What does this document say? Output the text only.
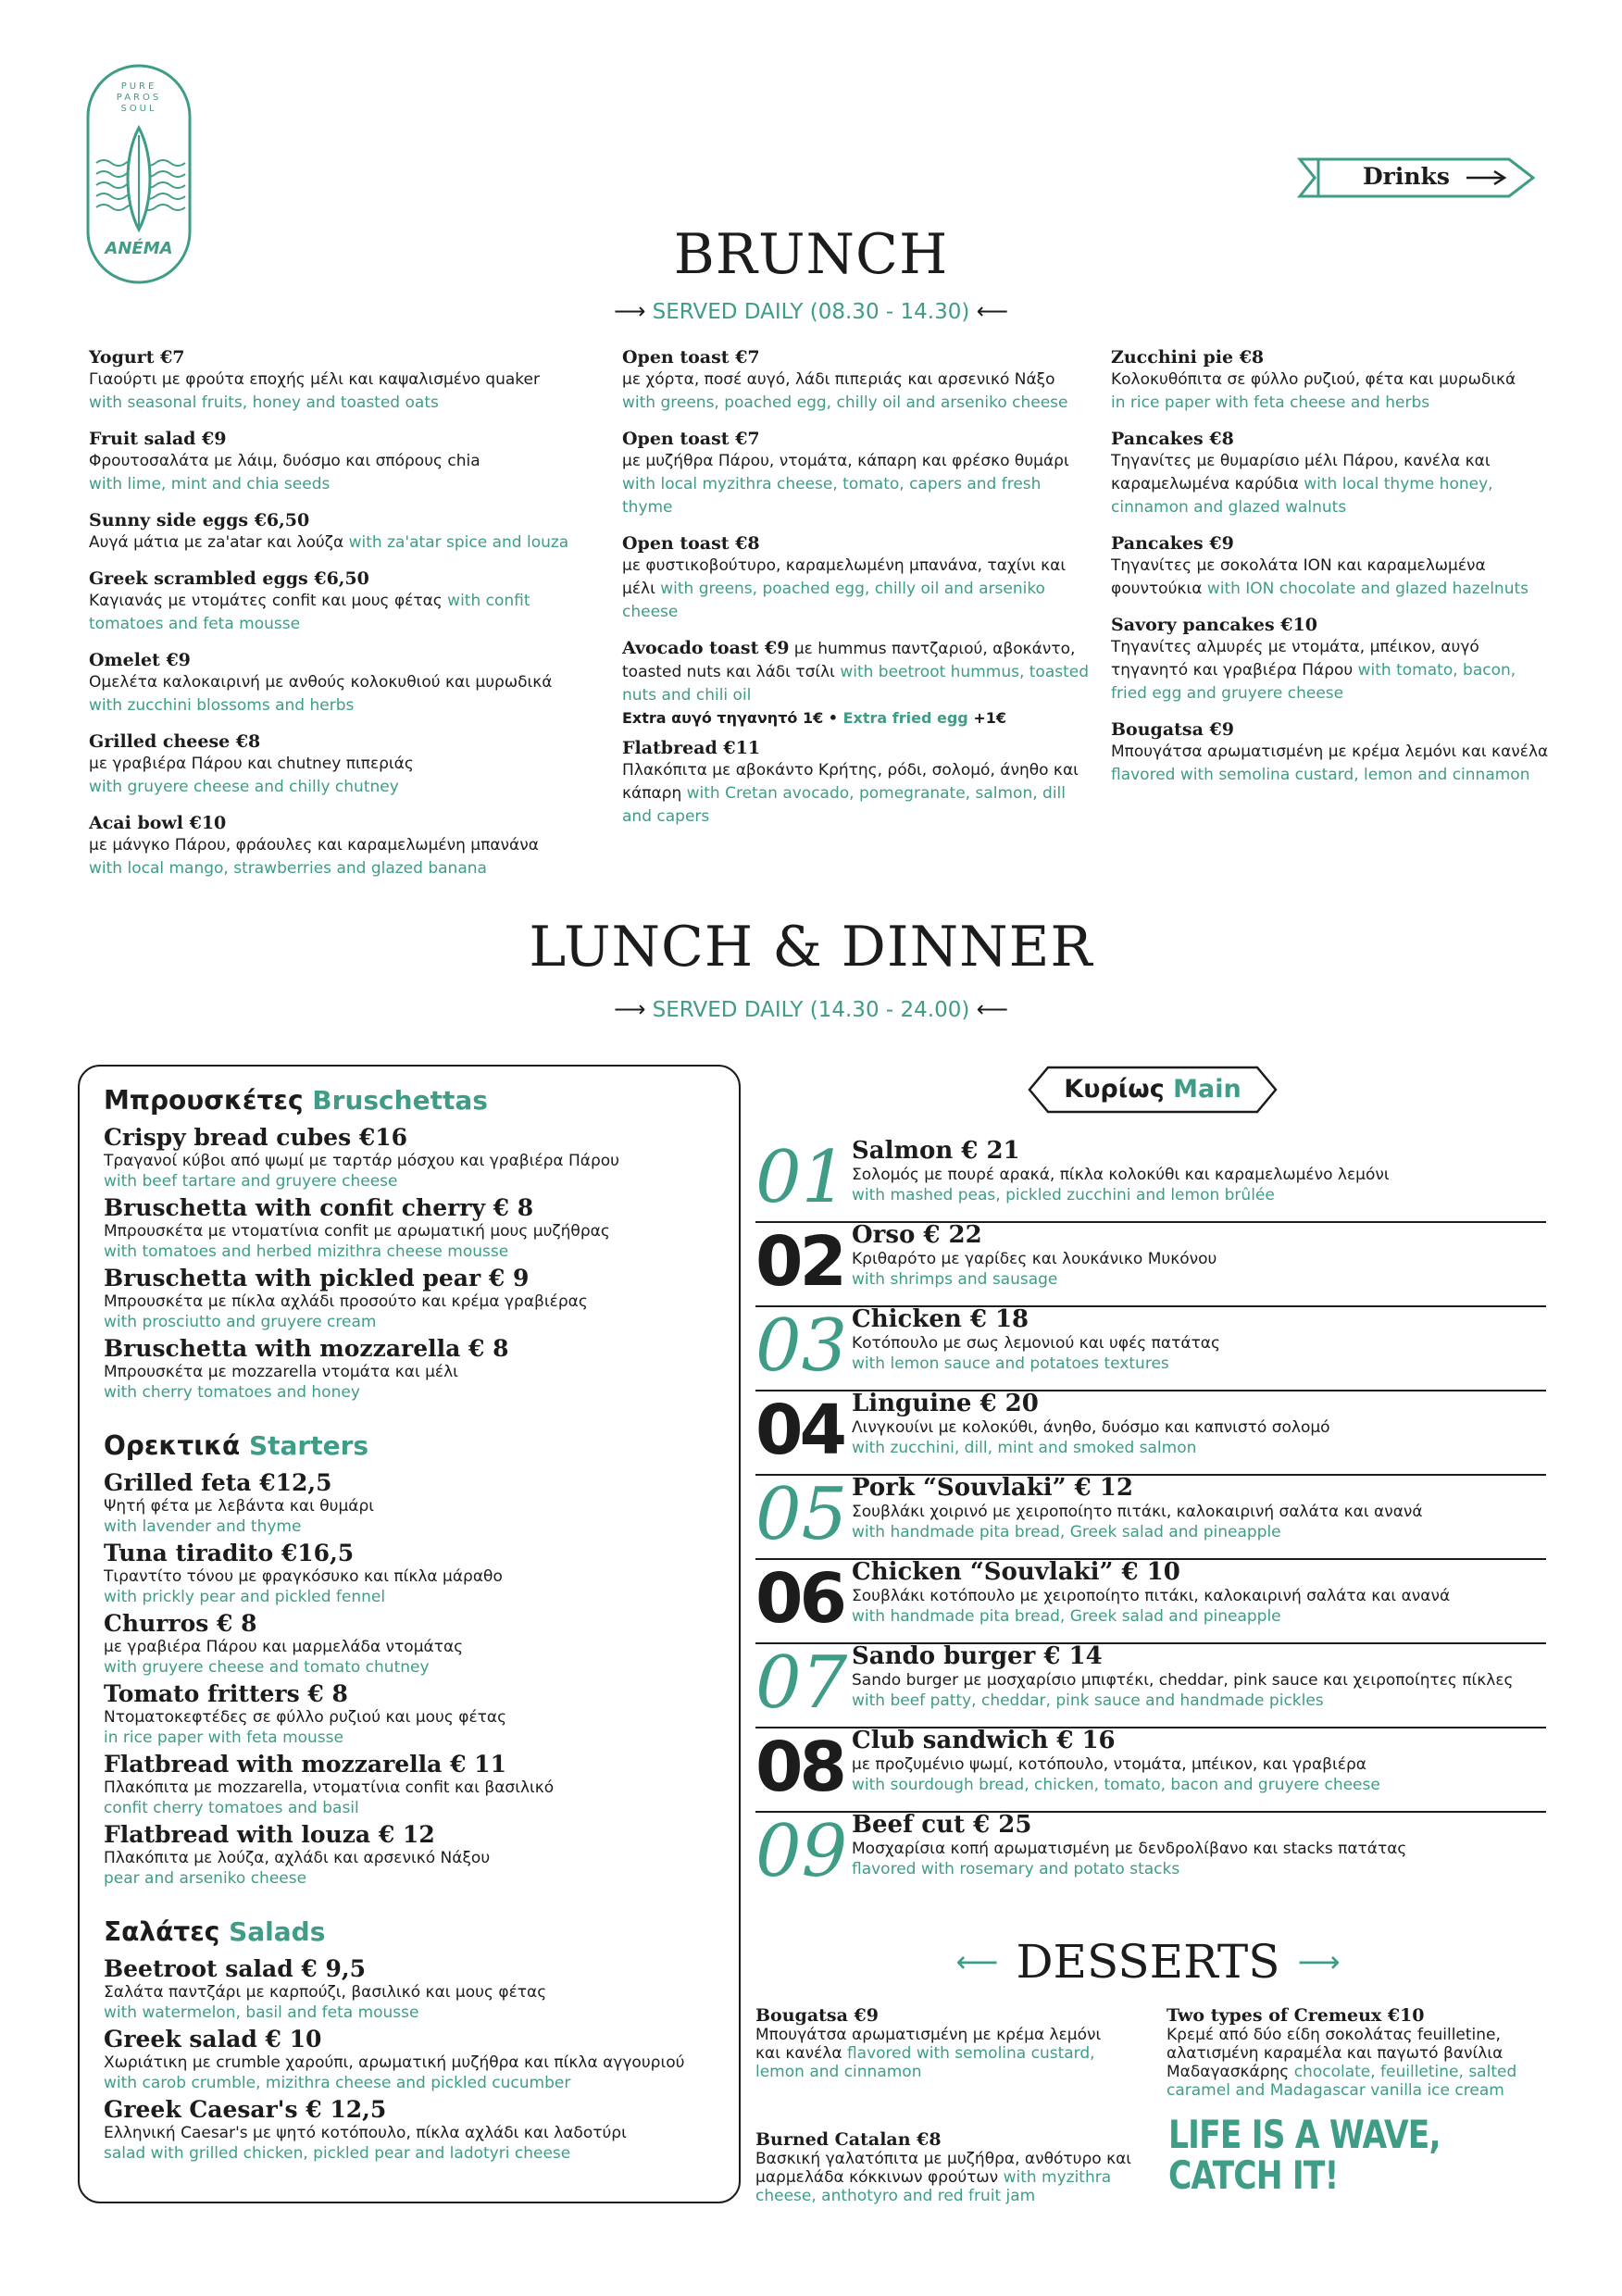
PURE
PAROS
SOUL
ANÉMA
Drinks
BRUNCH
⟶ SERVED DAILY (08.30 - 14.30) ⟵
Yogurt €7
Γιαούρτι με φρούτα εποχής μέλι και καψαλισμένο quaker
with seasonal fruits, honey and toasted oats
Fruit salad €9
Φρουτοσαλάτα με λάιμ, δυόσμο και σπόρους chia
with lime, mint and chia seeds
Sunny side eggs €6,50
Αυγά μάτια με za'atar και λούζα with za'atar spice and louza
Greek scrambled eggs €6,50
Καγιανάς με ντομάτες confit και μους φέτας with confit tomatoes and feta mousse
Omelet €9
Ομελέτα καλοκαιρινή με ανθούς κολοκυθιού και μυρωδικά
with zucchini blossoms and herbs
Grilled cheese €8
με γραβιέρα Πάρου και chutney πιπεριάς
with gruyere cheese and chilly chutney
Acai bowl €10
με μάνγκο Πάρου, φράουλες και καραμελωμένη μπανάνα
with local mango, strawberries and glazed banana
Open toast €7
με χόρτα, ποσέ αυγό, λάδι πιπεριάς και αρσενικό Νάξο
with greens, poached egg, chilly oil and arseniko cheese
Open toast €7
με μυζήθρα Πάρου, ντομάτα, κάπαρη και φρέσκο θυμάρι with local myzithra cheese, tomato, capers and fresh thyme
Open toast €8
με φυστικοβούτυρο, καραμελωμένη μπανάνα, ταχίνι και μέλι with greens, poached egg, chilly oil and arseniko cheese
Avocado toast €9 με hummus παντζαριού, αβοκάντο, toasted nuts και λάδι τσίλι with beetroot hummus, toasted nuts and chili oil
Extra αυγό τηγανητό 1€ • Extra fried egg +1€
Flatbread €11
Πλακόπιτα με αβοκάντο Κρήτης, ρόδι, σολομό, άνηθο και κάπαρη with Cretan avocado, pomegranate, salmon, dill and capers
Zucchini pie €8
Κολοκυθόπιτα σε φύλλο ρυζιού, φέτα και μυρωδικά
in rice paper with feta cheese and herbs
Pancakes €8
Τηγανίτες με θυμαρίσιο μέλι Πάρου, κανέλα και καραμελωμένα καρύδια with local thyme honey, cinnamon and glazed walnuts
Pancakes €9
Τηγανίτες με σοκολάτα ΙΟΝ και καραμελωμένα φουντούκια with ION chocolate and glazed hazelnuts
Savory pancakes €10
Τηγανίτες αλμυρές με ντομάτα, μπέικον, αυγό τηγανητό και γραβιέρα Πάρου with tomato, bacon, fried egg and gruyere cheese
Bougatsa €9
Μπουγάτσα αρωματισμένη με κρέμα λεμόνι και κανέλα flavored with semolina custard, lemon and cinnamon
LUNCH & DINNER
⟶ SERVED DAILY (14.30 - 24.00) ⟵
Μπρουσκέτες Bruschettas
Crispy bread cubes €16
Τραγανοί κύβοι από ψωμί με ταρτάρ μόσχου και γραβιέρα Πάρου
with beef tartare and gruyere cheese
Bruschetta with confit cherry € 8
Μπρουσκέτα με ντοματίνια confit με αρωματική μους μυζήθρας
with tomatoes and herbed mizithra cheese mousse
Bruschetta with pickled pear € 9
Μπρουσκέτα με πίκλα αχλάδι προσούτο και κρέμα γραβιέρας
with prosciutto and gruyere cream
Bruschetta with mozzarella € 8
Μπρουσκέτα με mozzarella ντομάτα και μέλι
with cherry tomatoes and honey
Ορεκτικά Starters
Grilled feta €12,5
Ψητή φέτα με λεβάντα και θυμάρι
with lavender and thyme
Tuna tiradito €16,5
Τιραντίτο τόνου με φραγκόσυκο και πίκλα μάραθο
with prickly pear and pickled fennel
Churros € 8
με γραβιέρα Πάρου και μαρμελάδα ντομάτας
with gruyere cheese and tomato chutney
Tomato fritters € 8
Ντοματοκεφτέδες σε φύλλο ρυζιού και μους φέτας
in rice paper with feta mousse
Flatbread with mozzarella € 11
Πλακόπιτα με mozzarella, ντοματίνια confit και βασιλικό
confit cherry tomatoes and basil
Flatbread with louza € 12
Πλακόπιτα με λούζα, αχλάδι και αρσενικό Νάξου
pear and arseniko cheese
Σαλάτες Salads
Beetroot salad € 9,5
Σαλάτα παντζάρι με καρπούζι, βασιλικό και μους φέτας
with watermelon, basil and feta mousse
Greek salad € 10
Χωριάτικη με crumble χαρούπι, αρωματική μυζήθρα και πίκλα αγγουριού
with carob crumble, mizithra cheese and pickled cucumber
Greek Caesar's € 12,5
Ελληνική Caesar's με ψητό κοτόπουλο, πίκλα αχλάδι και λαδοτύρι
salad with grilled chicken, pickled pear and ladotyri cheese
Κυρίως Main
01 Salmon € 21
Σολομός με πουρέ αρακά, πίκλα κολοκύθι και καραμελωμένο λεμόνι
with mashed peas, pickled zucchini and lemon brûlée
02 Orso € 22
Κριθαρότο με γαρίδες και λουκάνικο Μυκόνου
with shrimps and sausage
03 Chicken € 18
Κοτόπουλο με σως λεμονιού και υφές πατάτας
with lemon sauce and potatoes textures
04 Linguine € 20
Λινγκουίνι με κολοκύθι, άνηθο, δυόσμο και καπνιστό σολομό
with zucchini, dill, mint and smoked salmon
05 Pork “Souvlaki” € 12
Σουβλάκι χοιρινό με χειροποίητο πιτάκι, καλοκαιρινή σαλάτα και ανανά
with handmade pita bread, Greek salad and pineapple
06 Chicken “Souvlaki” € 10
Σουβλάκι κοτόπουλο με χειροποίητο πιτάκι, καλοκαιρινή σαλάτα και ανανά
with handmade pita bread, Greek salad and pineapple
07 Sando burger € 14
Sando burger με μοσχαρίσιο μπιφτέκι, cheddar, pink sauce και χειροποίητες πίκλες
with beef patty, cheddar, pink sauce and handmade pickles
08 Club sandwich € 16
με προζυμένιο ψωμί, κοτόπουλο, ντομάτα, μπέικον, και γραβιέρα
with sourdough bread, chicken, tomato, bacon and gruyere cheese
09 Beef cut € 25
Μοσχαρίσια κοπή αρωματισμένη με δενδρολίβανο και stacks πατάτας
flavored with rosemary and potato stacks
⟵ DESSERTS ⟶
Bougatsa €9
Μπουγάτσα αρωματισμένη με κρέμα λεμόνι και κανέλα flavored with semolina custard, lemon and cinnamon
Two types of Cremeux €10
Κρεμέ από δύο είδη σοκολάτας feuilletine, αλατισμένη καραμέλα και παγωτό βανίλια Μαδαγασκάρης chocolate, feuilletine, salted caramel and Madagascar vanilla ice cream
Burned Catalan €8
Βασκική γαλατόπιτα με μυζήθρα, ανθότυρο και μαρμελάδα κόκκινων φρούτων with myzithra cheese, anthotyro and red fruit jam
LIFE IS A WAVE,
CATCH IT!
